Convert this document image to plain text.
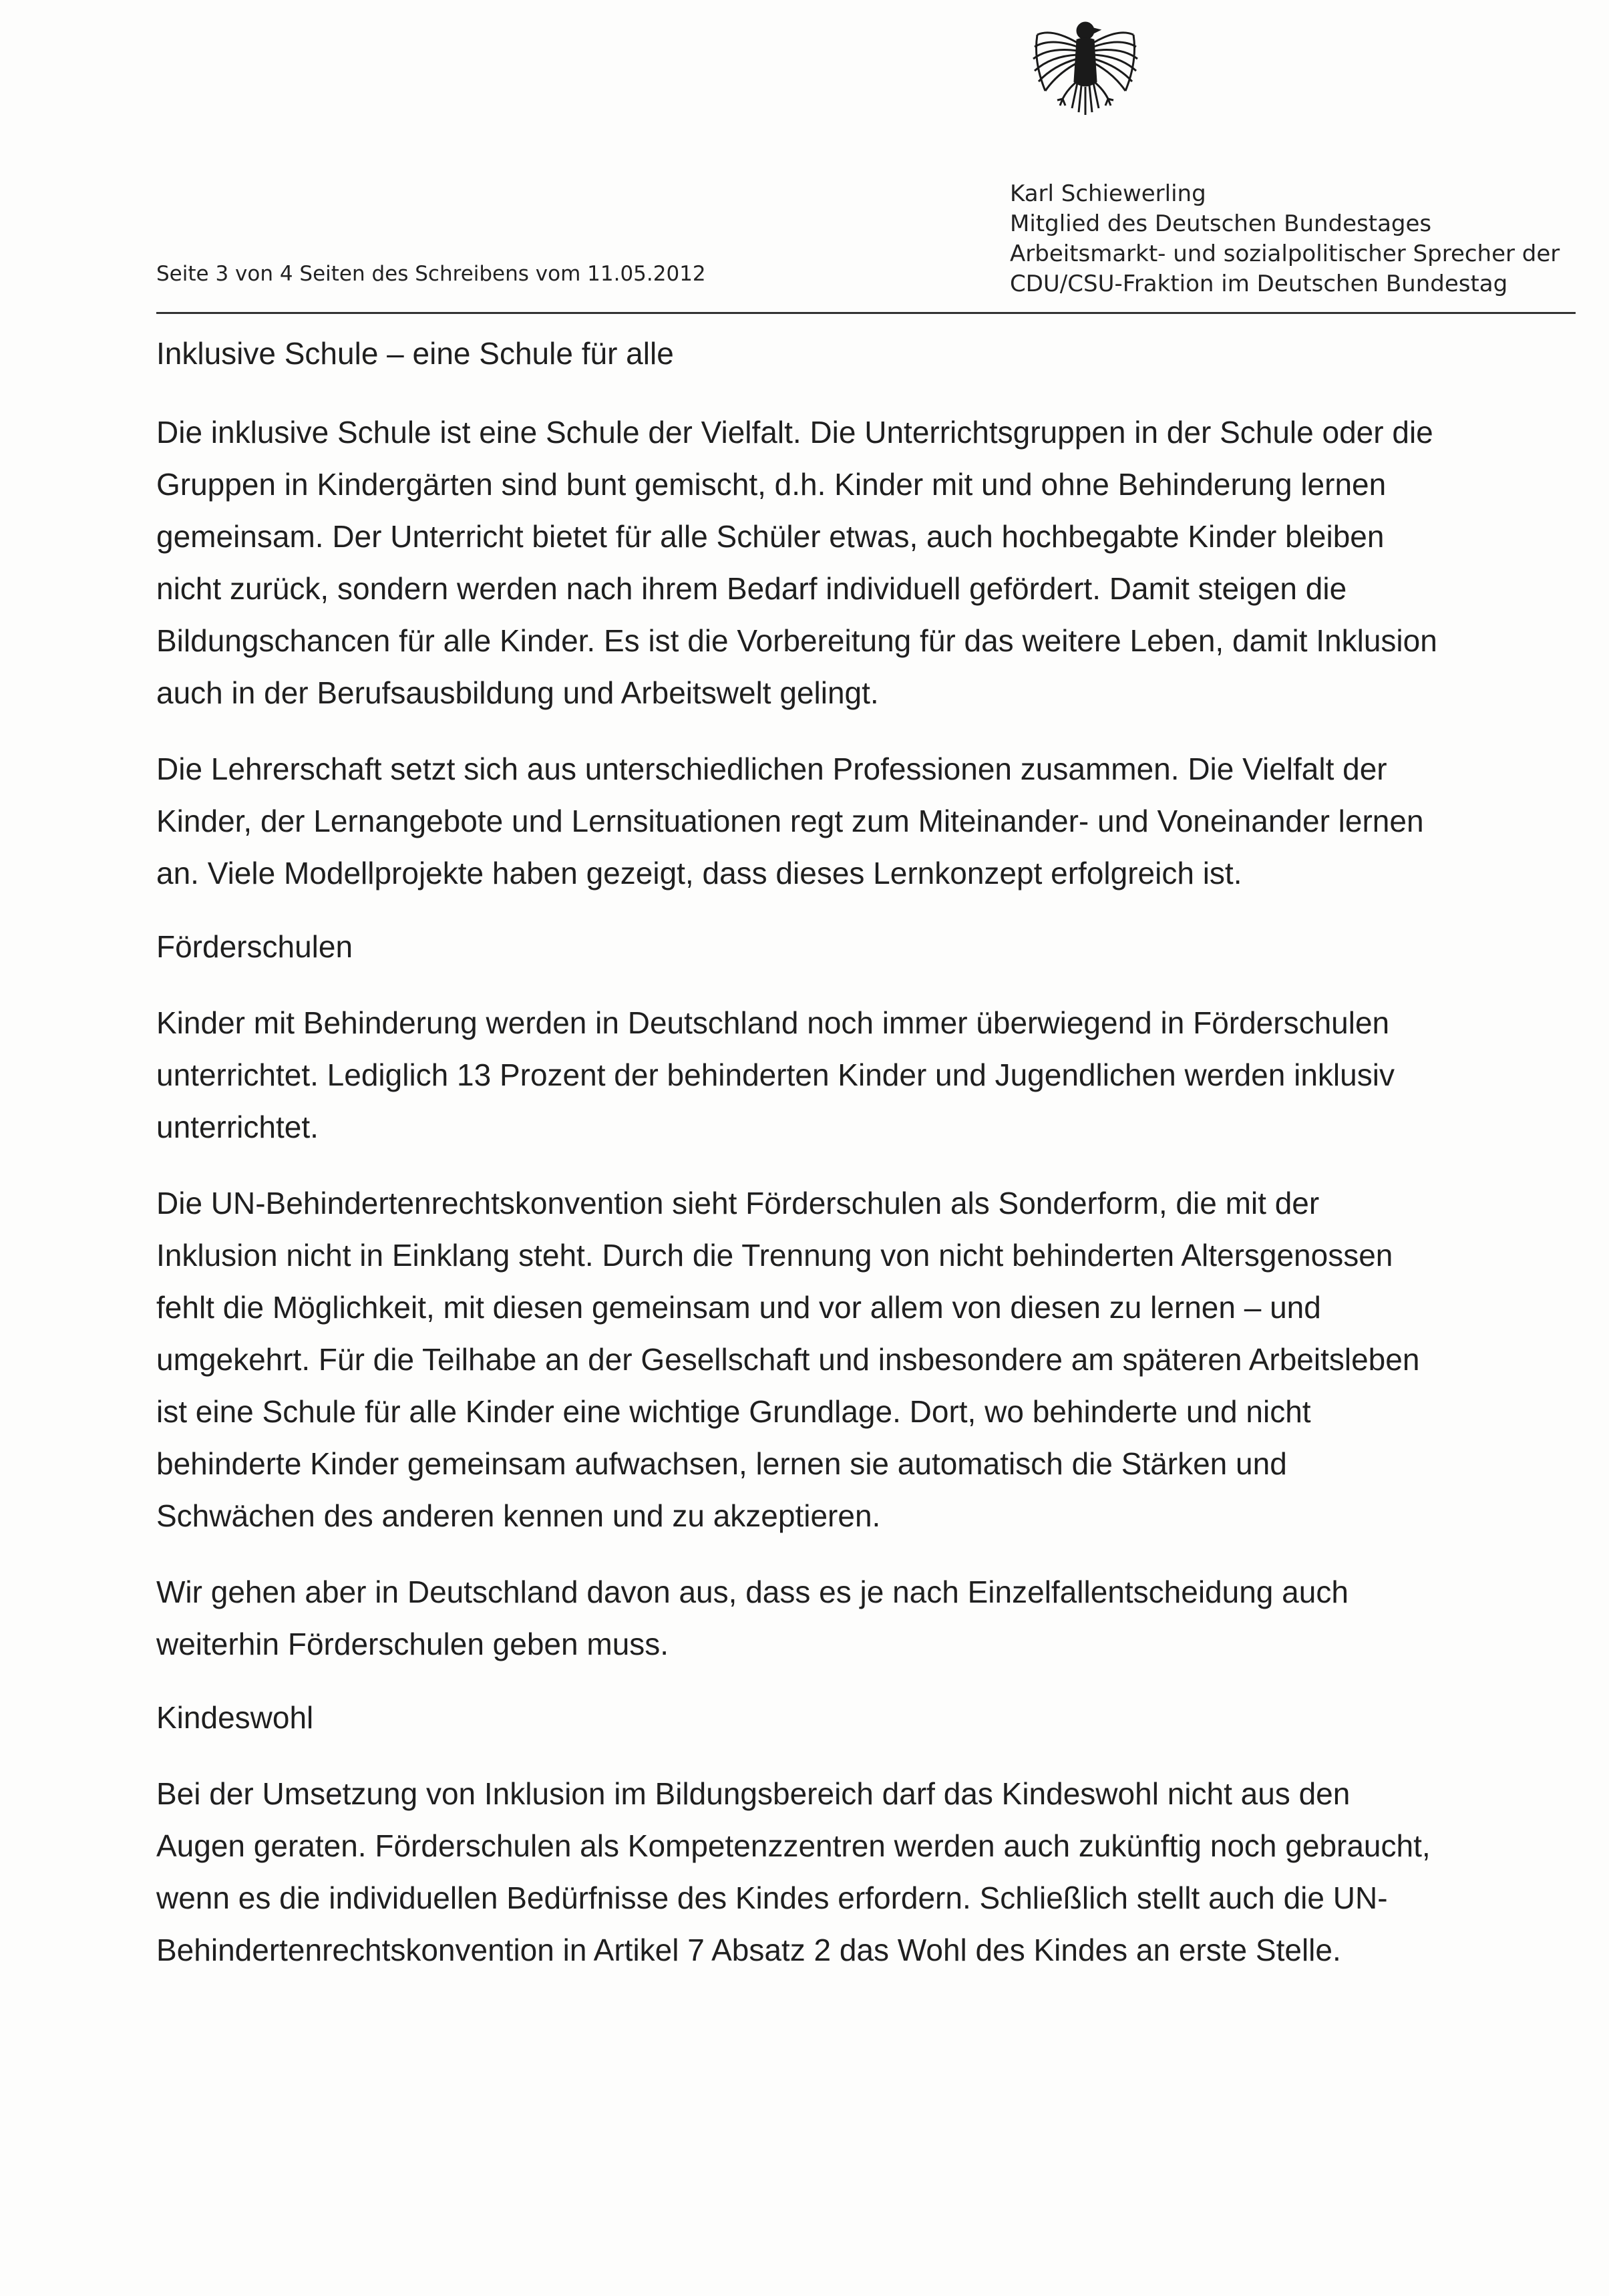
Karl Schiewerling
Mitglied des Deutschen Bundestages
Arbeitsmarkt- und sozialpolitischer Sprecher der
CDU/CSU-Fraktion im Deutschen Bundestag
Seite 3 von 4 Seiten des Schreibens vom 11.05.2012
Inklusive Schule – eine Schule für alle

Die inklusive Schule ist eine Schule der Vielfalt. Die Unterrichtsgruppen in der Schule oder die Gruppen in Kindergärten sind bunt gemischt, d.h. Kinder mit und ohne Behinderung lernen gemeinsam. Der Unterricht bietet für alle Schüler etwas, auch hochbegabte Kinder bleiben nicht zurück, sondern werden nach ihrem Bedarf individuell gefördert. Damit steigen die Bildungschancen für alle Kinder. Es ist die Vorbereitung für das weitere Leben, damit Inklusion auch in der Berufsausbildung und Arbeitswelt gelingt.

Die Lehrerschaft setzt sich aus unterschiedlichen Professionen zusammen. Die Vielfalt der Kinder, der Lernangebote und Lernsituationen regt zum Miteinander- und Voneinander lernen an. Viele Modellprojekte haben gezeigt, dass dieses Lernkonzept erfolgreich ist.

Förderschulen

Kinder mit Behinderung werden in Deutschland noch immer überwiegend in Förderschulen unterrichtet. Lediglich 13 Prozent der behinderten Kinder und Jugendlichen werden inklusiv unterrichtet.

Die UN-Behindertenrechtskonvention sieht Förderschulen als Sonderform, die mit der Inklusion nicht in Einklang steht. Durch die Trennung von nicht behinderten Altersgenossen fehlt die Möglichkeit, mit diesen gemeinsam und vor allem von diesen zu lernen – und umgekehrt. Für die Teilhabe an der Gesellschaft und insbesondere am späteren Arbeitsleben ist eine Schule für alle Kinder eine wichtige Grundlage. Dort, wo behinderte und nicht behinderte Kinder gemeinsam aufwachsen, lernen sie automatisch die Stärken und Schwächen des anderen kennen und zu akzeptieren.

Wir gehen aber in Deutschland davon aus, dass es je nach Einzelfallentscheidung auch weiterhin Förderschulen geben muss.

Kindeswohl

Bei der Umsetzung von Inklusion im Bildungsbereich darf das Kindeswohl nicht aus den Augen geraten. Förderschulen als Kompetenzzentren werden auch zukünftig noch gebraucht, wenn es die individuellen Bedürfnisse des Kindes erfordern. Schließlich stellt auch die UN-Behindertenrechtskonvention in Artikel 7 Absatz 2 das Wohl des Kindes an erste Stelle.
